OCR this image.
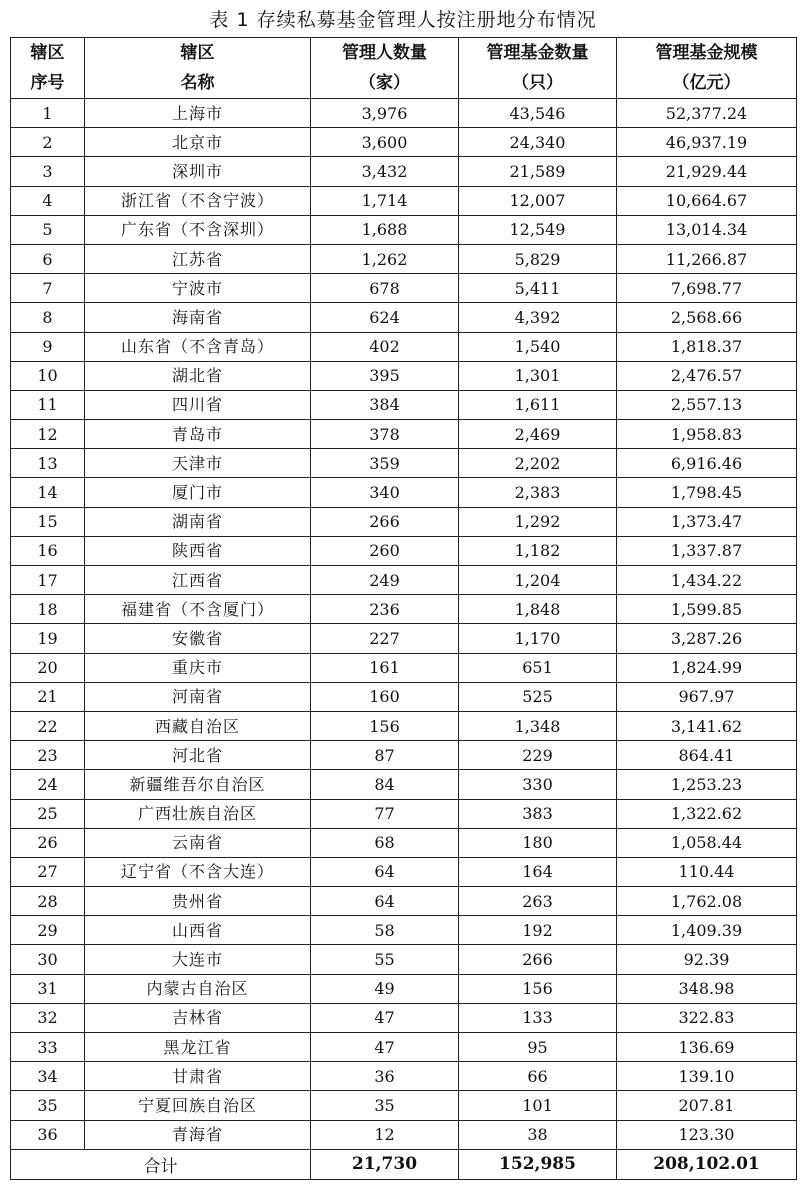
表 1 存续私募基金管理人按注册地分布情况
辖区	辖区	管理人数量	管理基金数量	管理基金规模
序号	名称	（家）	（只）	（亿元）
1	上海市	3,976	43,546	52,377.24
2	北京市	3,600	24,340	46,937.19
3	深圳市	3,432	21,589	21,929.44
4	浙江省（不含宁波）	1,714	12,007	10,664.67
5	广东省（不含深圳）	1,688	12,549	13,014.34
6	江苏省	1,262	5,829	11,266.87
7	宁波市	678	5,411	7,698.77
8	海南省	624	4,392	2,568.66
9	山东省（不含青岛）	402	1,540	1,818.37
10	湖北省	395	1,301	2,476.57
11	四川省	384	1,611	2,557.13
12	青岛市	378	2,469	1,958.83
13	天津市	359	2,202	6,916.46
14	厦门市	340	2,383	1,798.45
15	湖南省	266	1,292	1,373.47
16	陕西省	260	1,182	1,337.87
17	江西省	249	1,204	1,434.22
18	福建省（不含厦门）	236	1,848	1,599.85
19	安徽省	227	1,170	3,287.26
20	重庆市	161	651	1,824.99
21	河南省	160	525	967.97
22	西藏自治区	156	1,348	3,141.62
23	河北省	87	229	864.41
24	新疆维吾尔自治区	84	330	1,253.23
25	广西壮族自治区	77	383	1,322.62
26	云南省	68	180	1,058.44
27	辽宁省（不含大连）	64	164	110.44
28	贵州省	64	263	1,762.08
29	山西省	58	192	1,409.39
30	大连市	55	266	92.39
31	内蒙古自治区	49	156	348.98
32	吉林省	47	133	322.83
33	黑龙江省	47	95	136.69
34	甘肃省	36	66	139.10
35	宁夏回族自治区	35	101	207.81
36	青海省	12	38	123.30
合计		21,730	152,985	208,102.01
